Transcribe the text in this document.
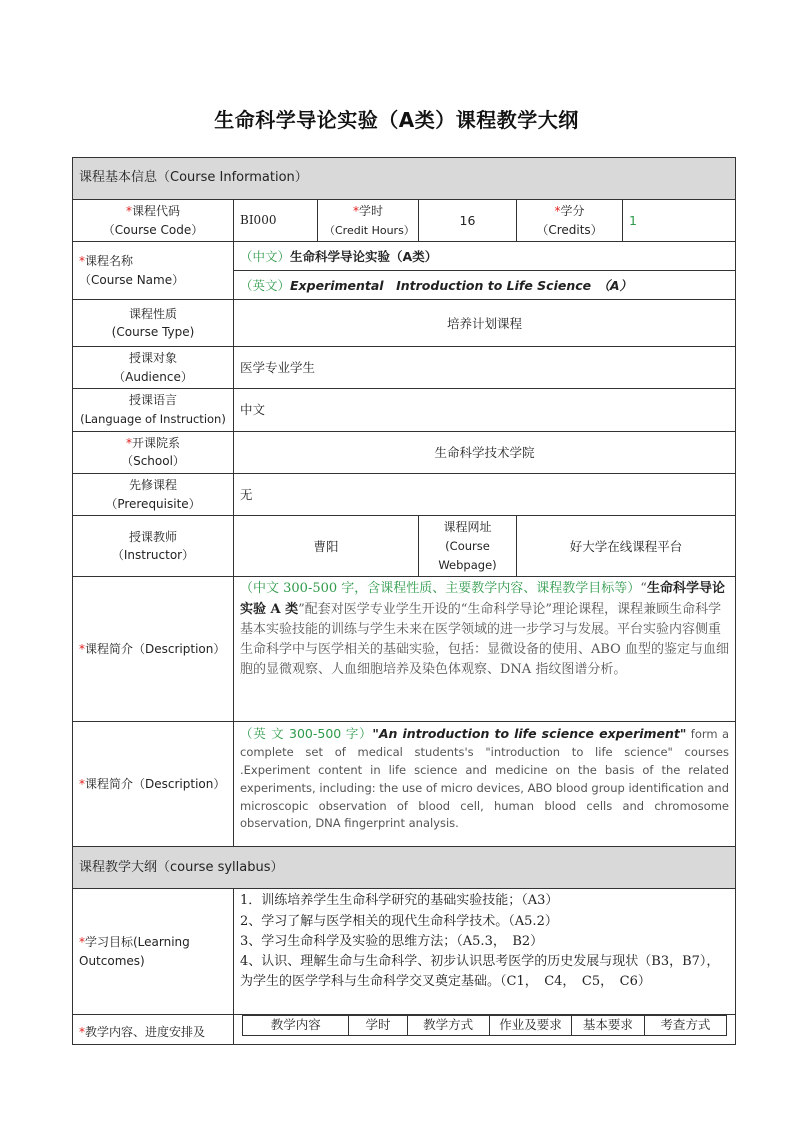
生命科学导论实验（A类）课程教学大纲
课程基本信息（Course Information）
*课程代码
（Course Code）	BI000	*学时
（Credit Hours）	16	*学分
（Credits）	1
*课程名称
（Course Name）	（中文）生命科学导论实验（A类）
（英文）Experimental　Introduction to Life Science　（A）
课程性质
(Course Type)	培养计划课程
授课对象
（Audience）	医学专业学生
授课语言
(Language of Instruction)	中文
*开课院系
（School）	生命科学技术学院
先修课程
（Prerequisite）	无
授课教师
（Instructor）	曹阳	课程网址
(Course Webpage)	好大学在线课程平台
*课程简介（Description）	（中文 300-500 字，含课程性质、主要教学内容、课程教学目标等）“生命科学导论实验 A 类”配套对医学专业学生开设的“生命科学导论”理论课程，课程兼顾生命科学基本实验技能的训练与学生未来在医学领域的进一步学习与发展。平台实验内容侧重生命科学中与医学相关的基础实验，包括：显微设备的使用、ABO 血型的鉴定与血细胞的显微观察、人血细胞培养及染色体观察、DNA 指纹图谱分析。
*课程简介（Description）	（英 文 300-500 字）"An introduction to life science experiment" form a complete set of medical students's "introduction to life science" courses .Experiment content in life science and medicine on the basis of the related experiments, including: the use of micro devices, ABO blood group identification and microscopic observation of blood cell, human blood cells and chromosome observation, DNA fingerprint analysis.
课程教学大纲（course syllabus）
*学习目标(Learning Outcomes)	
1．训练培养学生生命科学研究的基础实验技能；（A3）
2、学习了解与医学相关的现代生命科学技术。（A5.2）
3、学习生命科学及实验的思维方法；（A5.3，　B2）
4、认识、理解生命与生命科学、初步认识思考医学的历史发展与现状（B3，B7），为学生的医学学科与生命科学交叉奠定基础。（C1，　C4，　C5，　C6）

*教学内容、进度安排及		教学内容	学时	教学方式	作业及要求	基本要求	考查方式
